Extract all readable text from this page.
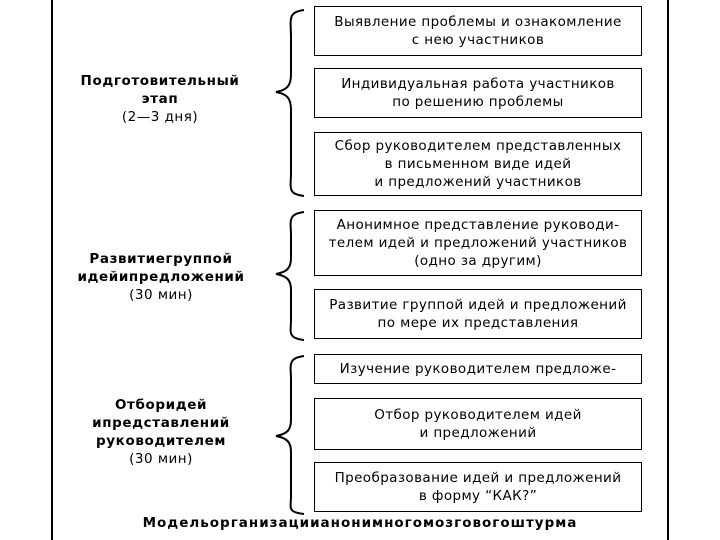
Подготовительный
этап
(2—3 дня)
Развитиегруппой
идейипредложений
(30 мин)
Отборидей
ипредставлений
руководителем
(30 мин)
Выявление проблемы и ознакомление
с нею участников
Индивидуальная работа участников
по решению проблемы
Сбор руководителем представленных
в письменном виде идей
и предложений участников
Анонимное представление руководи-
телем идей и предложений участников
(одно за другим)
Развитие группой идей и предложений
по мере их представления
Изучение руководителем предложе-
Отбор руководителем идей
и предложений
Преобразование идей и предложений
в форму “КАК?”
Модельорганизациианонимногомозговогоштурма
